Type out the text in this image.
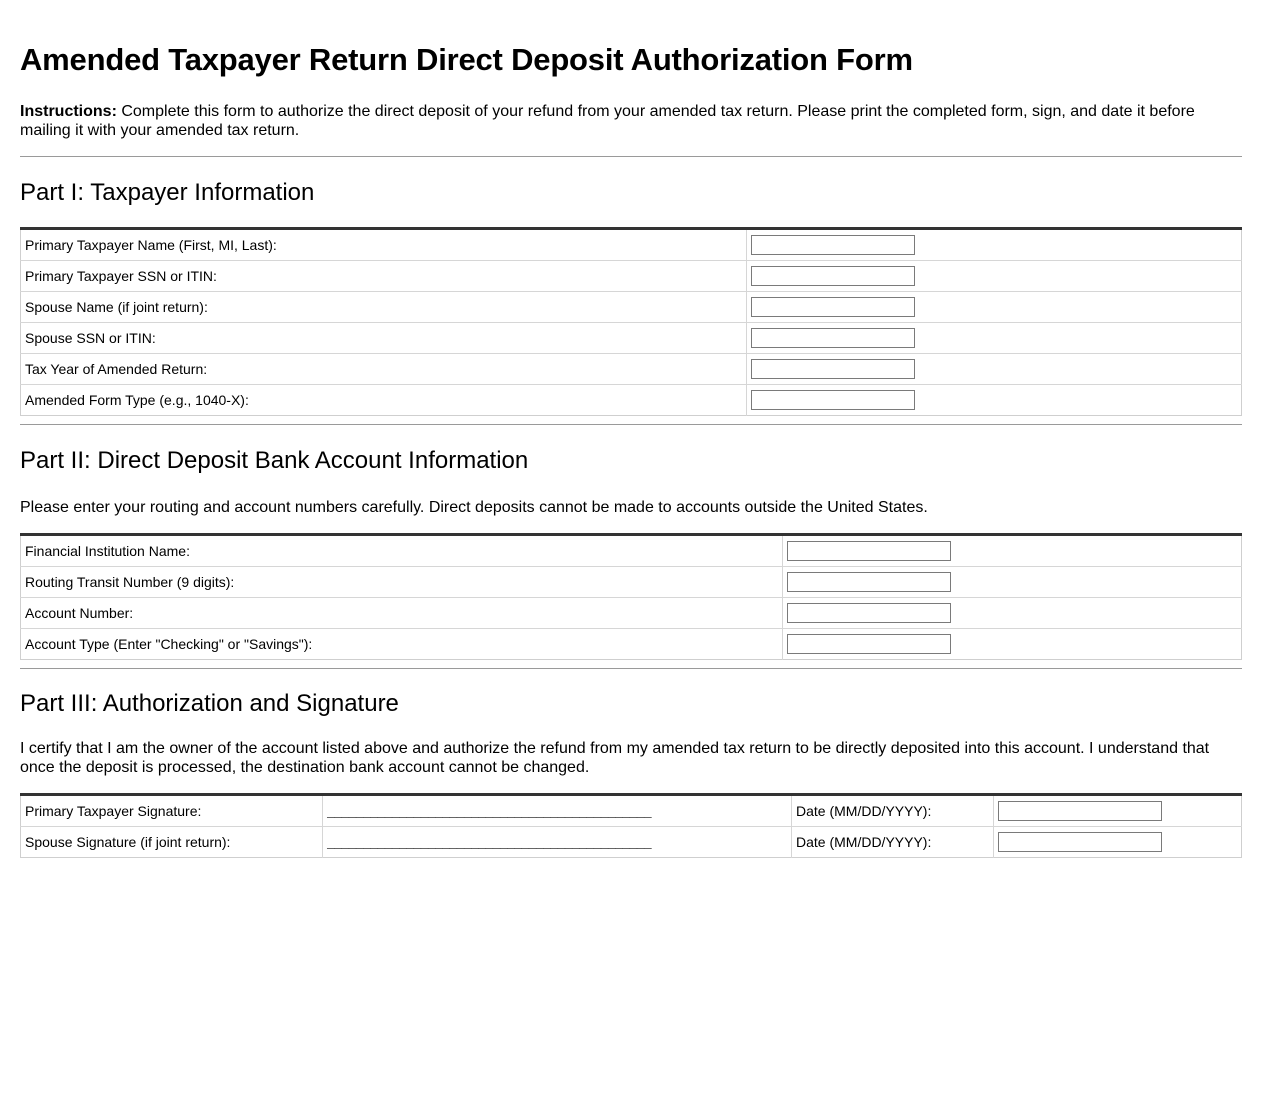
Amended Taxpayer Return Direct Deposit Authorization Form

Instructions: Complete this form to authorize the direct deposit of your refund from your amended tax return. Please print the completed form, sign, and date it before mailing it with your amended tax return.

Part I: Taxpayer Information
Primary Taxpayer Name (First, MI, Last):	
Primary Taxpayer SSN or ITIN:	
Spouse Name (if joint return):	
Spouse SSN or ITIN:	
Tax Year of Amended Return:	
Amended Form Type (e.g., 1040-X):	
Part II: Direct Deposit Bank Account Information

Please enter your routing and account numbers carefully. Direct deposits cannot be made to accounts outside the United States.

Financial Institution Name:	
Routing Transit Number (9 digits):	
Account Number:	
Account Type (Enter "Checking" or "Savings"):	
Part III: Authorization and Signature

I certify that I am the owner of the account listed above and authorize the refund from my amended tax return to be directly deposited into this account. I understand that once the deposit is processed, the destination bank account cannot be changed.

Primary Taxpayer Signature:	_____________________________________________	Date (MM/DD/YYYY):	
Spouse Signature (if joint return):	_____________________________________________	Date (MM/DD/YYYY):	
